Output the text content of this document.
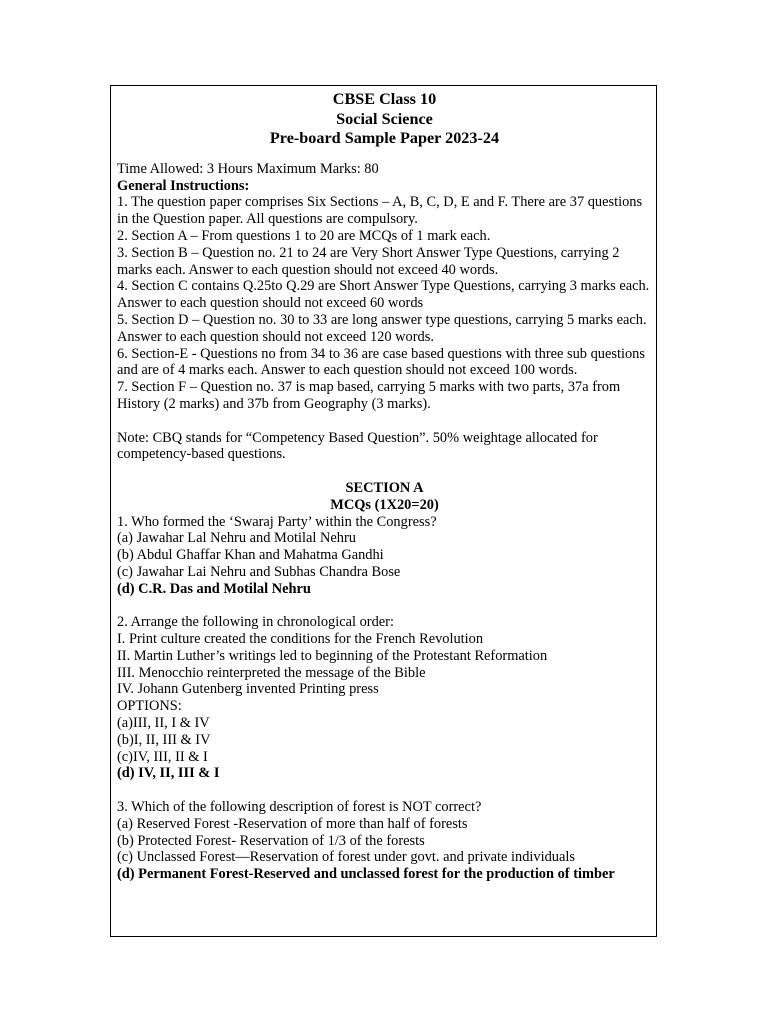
CBSE Class 10
Social Science
Pre-board Sample Paper 2023-24

Time Allowed: 3 Hours Maximum Marks: 80

General Instructions:

1. The question paper comprises Six Sections – A, B, C, D, E and F. There are 37 questions in the Question paper. All questions are compulsory.

2. Section A – From questions 1 to 20 are MCQs of 1 mark each.

3. Section B – Question no. 21 to 24 are Very Short Answer Type Questions, carrying 2 marks each. Answer to each question should not exceed 40 words.

4. Section C contains Q.25to Q.29 are Short Answer Type Questions, carrying 3 marks each. Answer to each question should not exceed 60 words

5. Section D – Question no. 30 to 33 are long answer type questions, carrying 5 marks each. Answer to each question should not exceed 120 words.

6. Section-E - Questions no from 34 to 36 are case based questions with three sub questions and are of 4 marks each. Answer to each question should not exceed 100 words.

7. Section F – Question no. 37 is map based, carrying 5 marks with two parts, 37a from History (2 marks) and 37b from Geography (3 marks).

Note: CBQ stands for “Competency Based Question”. 50% weightage allocated for competency-based questions.

SECTION A

MCQs (1X20=20)

1. Who formed the ‘Swaraj Party’ within the Congress?

(a) Jawahar Lal Nehru and Motilal Nehru

(b) Abdul Ghaffar Khan and Mahatma Gandhi

(c) Jawahar Lai Nehru and Subhas Chandra Bose

(d) C.R. Das and Motilal Nehru

2. Arrange the following in chronological order:

I. Print culture created the conditions for the French Revolution

II. Martin Luther’s writings led to beginning of the Protestant Reformation

III. Menocchio reinterpreted the message of the Bible

IV. Johann Gutenberg invented Printing press

OPTIONS:

(a)III, II, I & IV

(b)I, II, III & IV

(c)IV, III, II & I

(d) IV, II, III & I

3. Which of the following description of forest is NOT correct?

(a) Reserved Forest -Reservation of more than half of forests

(b) Protected Forest- Reservation of 1/3 of the forests

(c) Unclassed Forest—Reservation of forest under govt. and private individuals

(d) Permanent Forest-Reserved and unclassed forest for the production of timber
